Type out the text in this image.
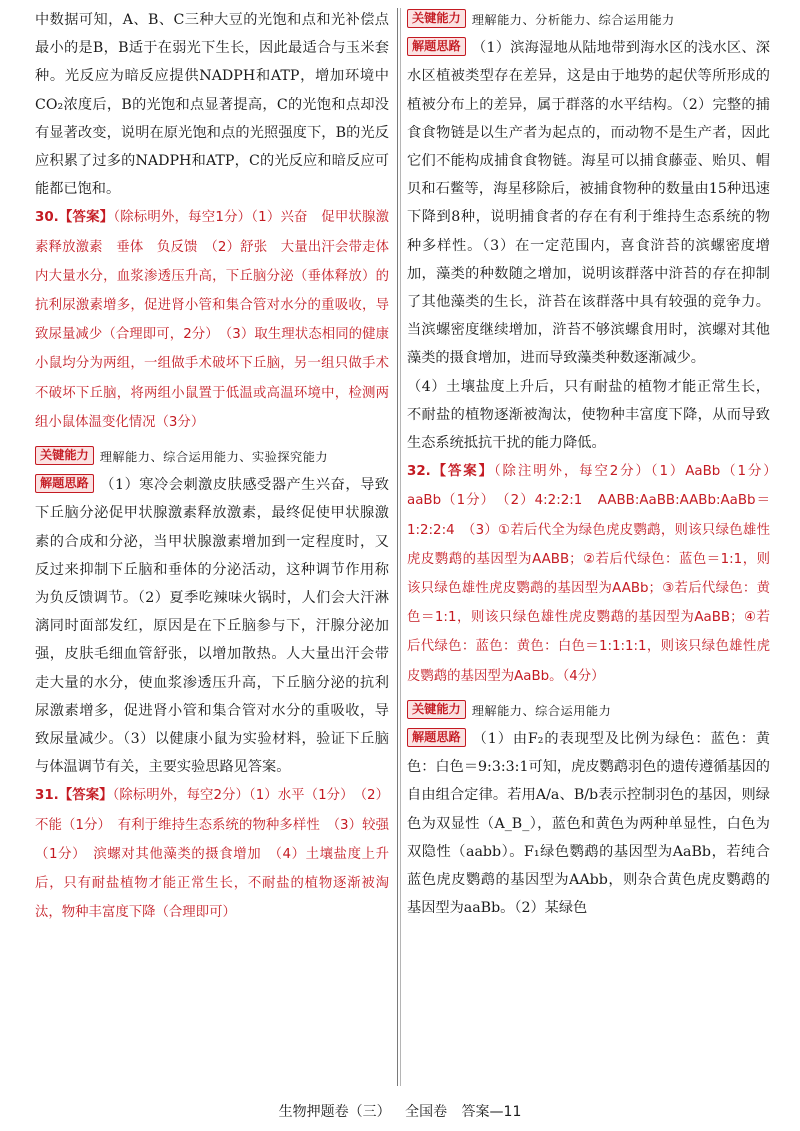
中数据可知，A、B、C三种大豆的光饱和点和光补偿点最小的是B，B适于在弱光下生长，因此最适合与玉米套种。光反应为暗反应提供NADPH和ATP，增加环境中CO₂浓度后，B的光饱和点显著提高，C的光饱和点却没有显著改变，说明在原光饱和点的光照强度下，B的光反应积累了过多的NADPH和ATP，C的光反应和暗反应可能都已饱和。

30.【答案】（除标明外，每空1分）（1）兴奋　促甲状腺激素释放激素　垂体　负反馈　（2）舒张　大量出汗会带走体内大量水分，血浆渗透压升高，下丘脑分泌（垂体释放）的抗利尿激素增多，促进肾小管和集合管对水分的重吸收，导致尿量减少（合理即可，2分）　（3）取生理状态相同的健康小鼠均分为两组，一组做手术破坏下丘脑，另一组只做手术不破坏下丘脑，将两组小鼠置于低温或高温环境中，检测两组小鼠体温变化情况（3分）

关键能力 理解能力、综合运用能力、实验探究能力

解题思路 （1）寒冷会刺激皮肤感受器产生兴奋，导致下丘脑分泌促甲状腺激素释放激素，最终促使甲状腺激素的合成和分泌，当甲状腺激素增加到一定程度时，又反过来抑制下丘脑和垂体的分泌活动，这种调节作用称为负反馈调节。（2）夏季吃辣味火锅时，人们会大汗淋漓同时面部发红，原因是在下丘脑参与下，汗腺分泌加强，皮肤毛细血管舒张，以增加散热。人大量出汗会带走大量的水分，使血浆渗透压升高，下丘脑分泌的抗利尿激素增多，促进肾小管和集合管对水分的重吸收，导致尿量减少。（3）以健康小鼠为实验材料，验证下丘脑与体温调节有关，主要实验思路见答案。

31.【答案】（除标明外，每空2分）（1）水平（1分）　（2）不能（1分）　有利于维持生态系统的物种多样性　（3）较强（1分）　滨螺对其他藻类的摄食增加　（4）土壤盐度上升后，只有耐盐植物才能正常生长，不耐盐的植物逐渐被淘汰，物种丰富度下降（合理即可）

关键能力 理解能力、分析能力、综合运用能力

解题思路 （1）滨海湿地从陆地带到海水区的浅水区、深水区植被类型存在差异，这是由于地势的起伏等所形成的植被分布上的差异，属于群落的水平结构。（2）完整的捕食食物链是以生产者为起点的，而动物不是生产者，因此它们不能构成捕食食物链。海星可以捕食藤壶、贻贝、帽贝和石鳖等，海星移除后，被捕食物种的数量由15种迅速下降到8种，说明捕食者的存在有利于维持生态系统的物种多样性。（3）在一定范围内，喜食浒苔的滨螺密度增加，藻类的种数随之增加，说明该群落中浒苔的存在抑制了其他藻类的生长，浒苔在该群落中具有较强的竞争力。当滨螺密度继续增加，浒苔不够滨螺食用时，滨螺对其他藻类的摄食增加，进而导致藻类种数逐渐减少。

（4）土壤盐度上升后，只有耐盐的植物才能正常生长，不耐盐的植物逐渐被淘汰，使物种丰富度下降，从而导致生态系统抵抗干扰的能力降低。

32.【答案】（除注明外，每空2分）（1）AaBb（1分）　aaBb（1分）　（2）4:2:2:1　AABB:AaBB:AABb:AaBb＝1:2:2:4　（3）①若后代全为绿色虎皮鹦鹉，则该只绿色雄性虎皮鹦鹉的基因型为AABB；②若后代绿色：蓝色＝1:1，则该只绿色雄性虎皮鹦鹉的基因型为AABb；③若后代绿色：黄色＝1:1，则该只绿色雄性虎皮鹦鹉的基因型为AaBB；④若后代绿色：蓝色：黄色：白色＝1:1:1:1，则该只绿色雄性虎皮鹦鹉的基因型为AaBb。（4分）

关键能力 理解能力、综合运用能力

解题思路 （1）由F₂的表现型及比例为绿色：蓝色：黄色：白色＝9:3:3:1可知，虎皮鹦鹉羽色的遗传遵循基因的自由组合定律。若用A/a、B/b表示控制羽色的基因，则绿色为双显性（A_B_），蓝色和黄色为两种单显性，白色为双隐性（aabb）。F₁绿色鹦鹉的基因型为AaBb，若纯合蓝色虎皮鹦鹉的基因型为AAbb，则杂合黄色虎皮鹦鹉的基因型为aaBb。（2）某绿色

生物押题卷（三） 全国卷 答案—11
